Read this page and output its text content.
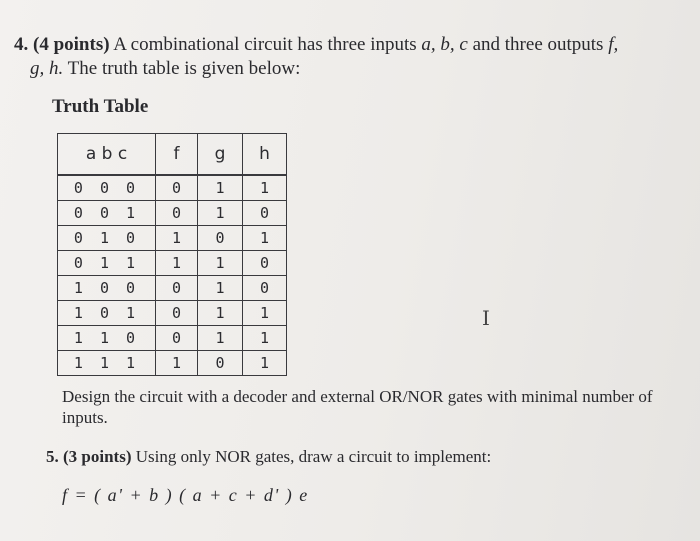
4. (4 points) A combinational circuit has three inputs a, b, c and three outputs f,
g, h. The truth table is given below:
Truth Table
a b c	f	g	h
0 0 0	0	1	1
0 0 1	0	1	0
0 1 0	1	0	1
0 1 1	1	1	0
1 0 0	0	1	0
1 0 1	0	1	1
1 1 0	0	1	1
1 1 1	1	0	1
I
Design the circuit with a decoder and external OR/NOR gates with minimal number of inputs.
5. (3 points) Using only NOR gates, draw a circuit to implement:
f = ( a' + b ) ( a + c + d' ) e
